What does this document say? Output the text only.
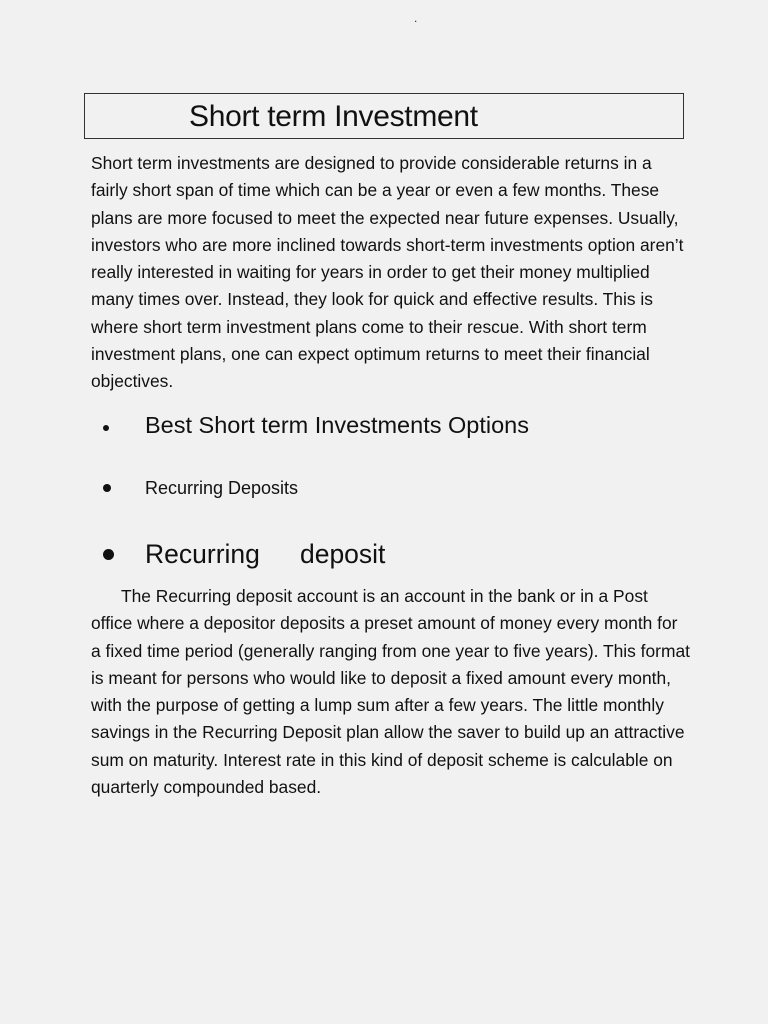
.
Short term Investment

Short term investments are designed to provide considerable returns in a fairly short span of time which can be a year or even a few months. These plans are more focused to meet the expected near future expenses. Usually, investors who are more inclined towards short-term investments option aren’t really interested in waiting for years in order to get their money multiplied many times over. Instead, they look for quick and effective results. This is where short term investment plans come to their rescue. With short term investment plans, one can expect optimum returns to meet their financial objectives.

Best Short term Investments Options
Recurring Deposits
Recurring   deposit

The Recurring deposit account is an account in the bank or in a Post office where a depositor deposits a preset amount of money every month for a fixed time period (generally ranging from one year to five years). This format is meant for persons who would like to deposit a fixed amount every month, with the purpose of getting a lump sum after a few years. The little monthly savings in the Recurring Deposit plan allow the saver to build up an attractive sum on maturity. Interest rate in this kind of deposit scheme is calculable on quarterly compounded based.
